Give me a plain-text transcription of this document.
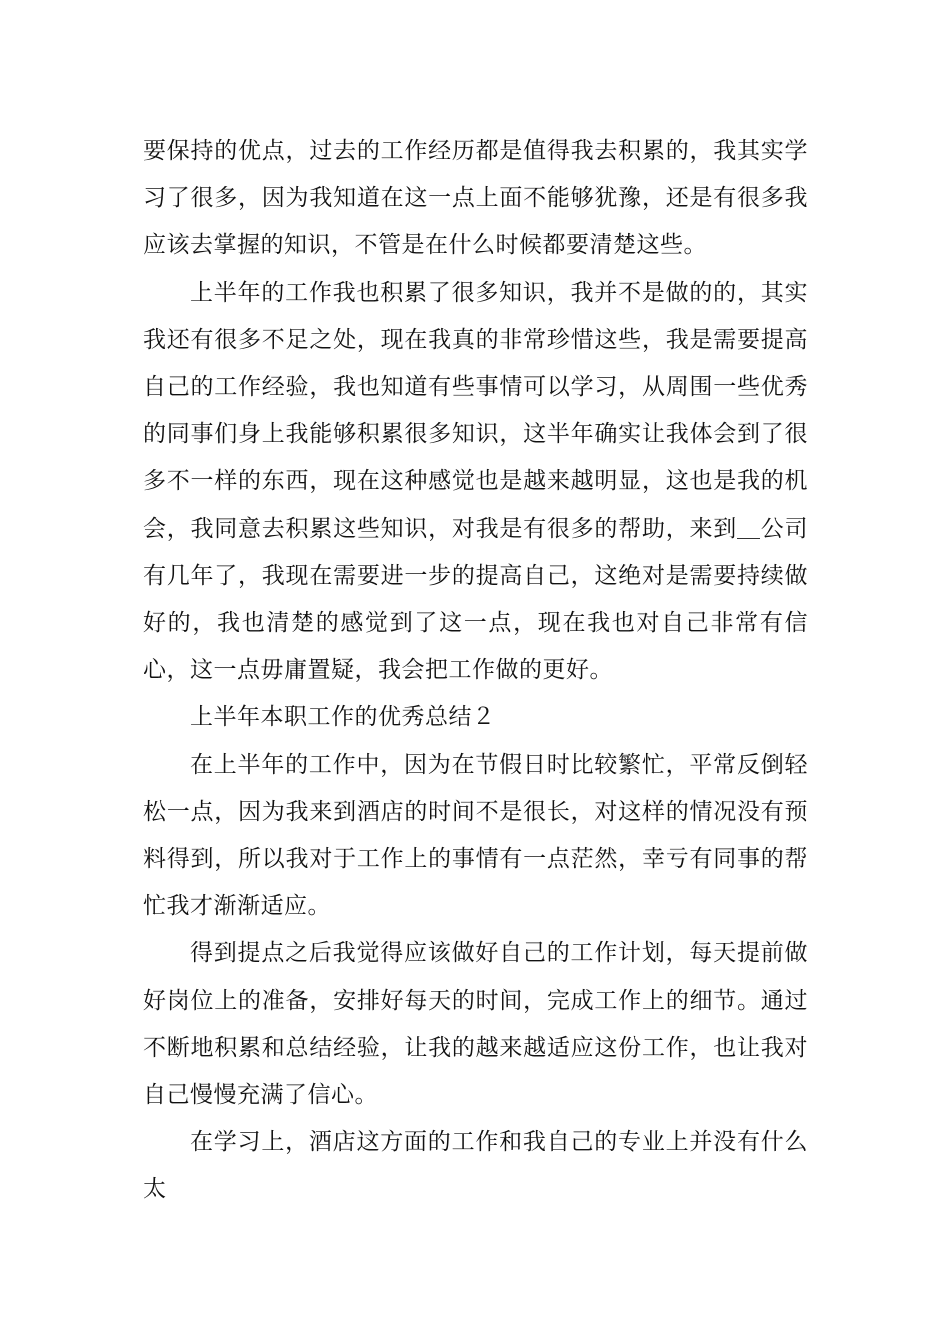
要保持的优点，过去的工作经历都是值得我去积累的，我其实学习了很多，因为我知道在这一点上面不能够犹豫，还是有很多我应该去掌握的知识，不管是在什么时候都要清楚这些。

上半年的工作我也积累了很多知识，我并不是做的的，其实我还有很多不足之处，现在我真的非常珍惜这些，我是需要提高自己的工作经验，我也知道有些事情可以学习，从周围一些优秀的同事们身上我能够积累很多知识，这半年确实让我体会到了很多不一样的东西，现在这种感觉也是越来越明显，这也是我的机会，我同意去积累这些知识，对我是有很多的帮助，来到＿公司有几年了，我现在需要进一步的提高自己，这绝对是需要持续做好的，我也清楚的感觉到了这一点，现在我也对自己非常有信心，这一点毋庸置疑，我会把工作做的更好。

上半年本职工作的优秀总结２

在上半年的工作中，因为在节假日时比较繁忙，平常反倒轻松一点，因为我来到酒店的时间不是很长，对这样的情况没有预料得到，所以我对于工作上的事情有一点茫然，幸亏有同事的帮忙我才渐渐适应。

得到提点之后我觉得应该做好自己的工作计划，每天提前做好岗位上的准备，安排好每天的时间，完成工作上的细节。通过不断地积累和总结经验，让我的越来越适应这份工作，也让我对自己慢慢充满了信心。

在学习上，酒店这方面的工作和我自己的专业上并没有什么太
